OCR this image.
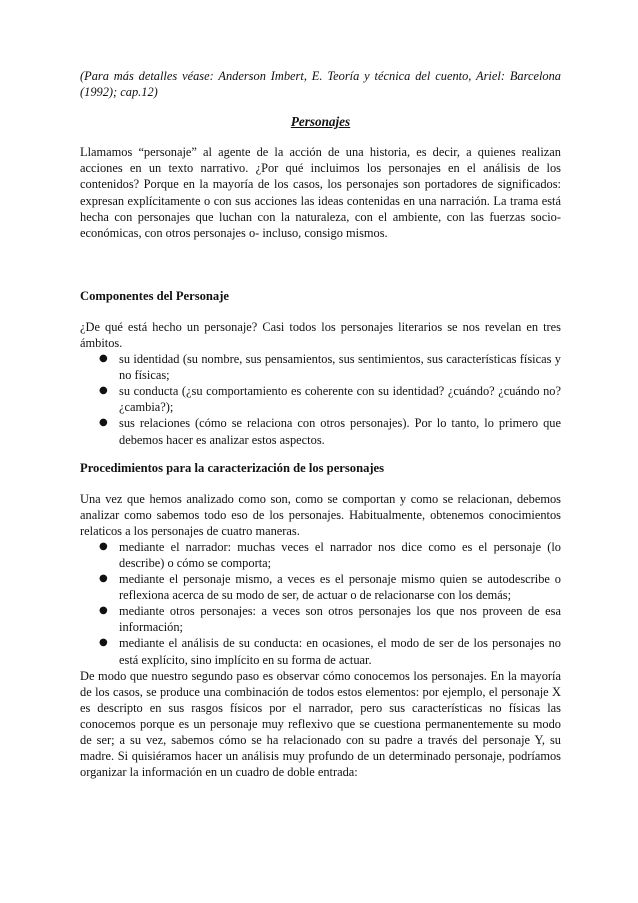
(Para más detalles véase: Anderson Imbert, E. Teoría y técnica del cuento, Ariel: Barcelona (1992); cap.12)

Personajes

Llamamos “personaje” al agente de la acción de una historia, es decir, a quienes realizan acciones en un texto narrativo. ¿Por qué incluimos los personajes en el análisis de los contenidos? Porque en la mayoría de los casos, los personajes son portadores de significados: expresan explícitamente o con sus acciones las ideas contenidas en una narración. La trama está hecha con personajes que luchan con la naturaleza, con el ambiente, con las fuerzas socio-económicas, con otros personajes o- incluso, consigo mismos.

Componentes del Personaje

¿De qué está hecho un personaje? Casi todos los personajes literarios se nos revelan en tres ámbitos.

● su identidad (su nombre, sus pensamientos, sus sentimientos, sus características físicas y no físicas;
● su conducta (¿su comportamiento es coherente con su identidad? ¿cuándo? ¿cuándo no? ¿cambia?);
● sus relaciones (cómo se relaciona con otros personajes). Por lo tanto, lo primero que debemos hacer es analizar estos aspectos.
Procedimientos para la caracterización de los personajes

Una vez que hemos analizado como son, como se comportan y como se relacionan, debemos analizar como sabemos todo eso de los personajes. Habitualmente, obtenemos conocimientos relaticos a los personajes de cuatro maneras.

● mediante el narrador: muchas veces el narrador nos dice como es el personaje (lo describe) o cómo se comporta;
● mediante el personaje mismo, a veces es el personaje mismo quien se autodescribe o reflexiona acerca de su modo de ser, de actuar o de relacionarse con los demás;
● mediante otros personajes: a veces son otros personajes los que nos proveen de esa información;
● mediante el análisis de su conducta: en ocasiones, el modo de ser de los personajes no está explícito, sino implícito en su forma de actuar.

De modo que nuestro segundo paso es observar cómo conocemos los personajes. En la mayoría de los casos, se produce una combinación de todos estos elementos: por ejemplo, el personaje X es descripto en sus rasgos físicos por el narrador, pero sus características no físicas las conocemos porque es un personaje muy reflexivo que se cuestiona permanentemente su modo de ser; a su vez, sabemos cómo se ha relacionado con su padre a través del personaje Y, su madre. Si quisiéramos hacer un análisis muy profundo de un determinado personaje, podríamos organizar la información en un cuadro de doble entrada:
